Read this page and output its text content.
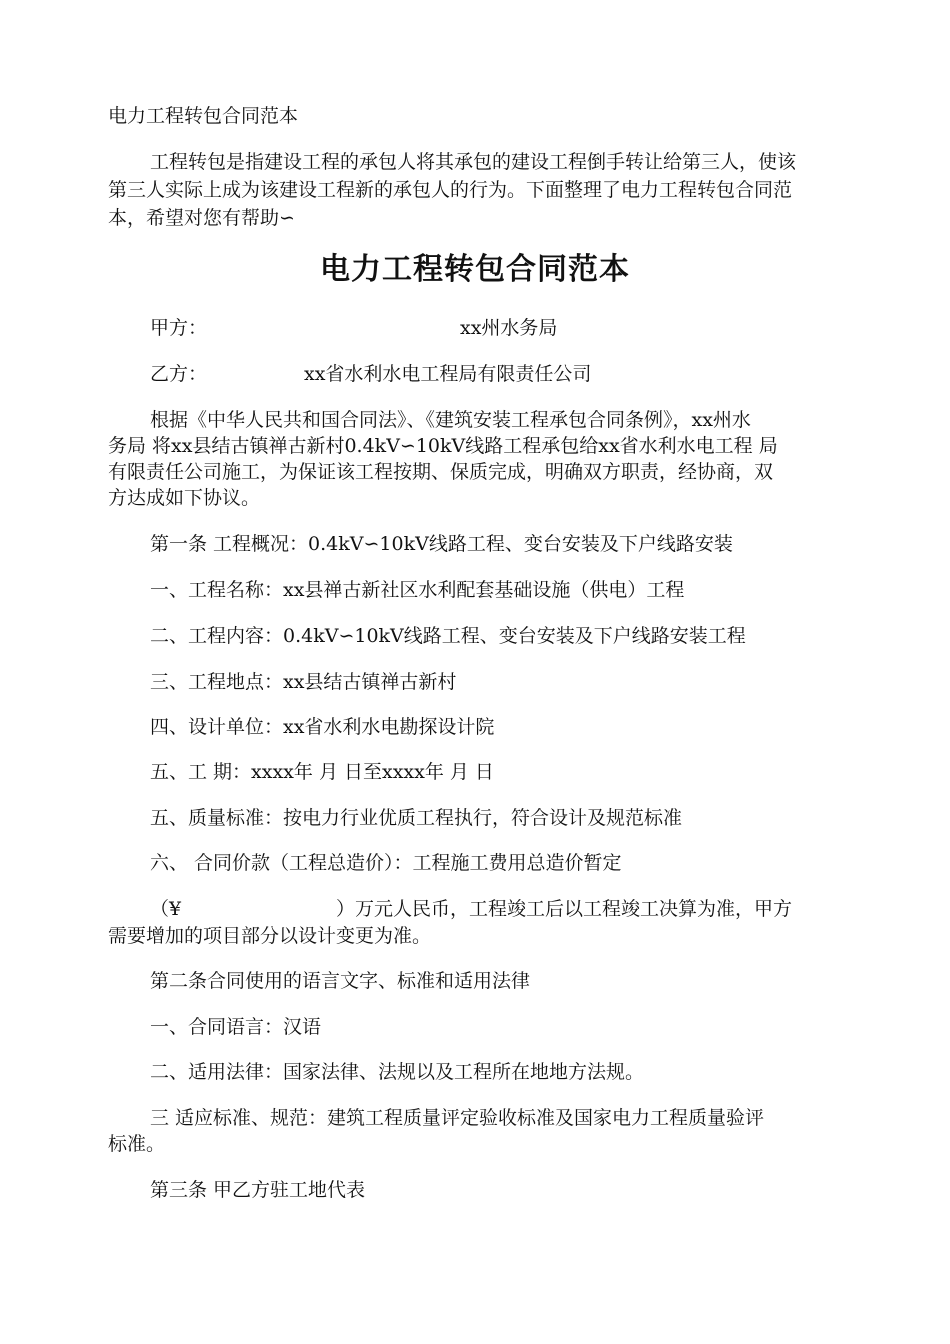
电力工程转包合同范本
工程转包是指建设工程的承包人将其承包的建设工程倒手转让给第三人，使该
第三人实际上成为该建设工程新的承包人的行为。下面整理了电力工程转包合同范
本，希望对您有帮助∽
电力工程转包合同范本
甲方：	xx州水务局
乙方：	xx省水利水电工程局有限责任公司
根据《中华人民共和国合同法》、《建筑安装工程承包合同条例》，xx州水
务局 将xx县结古镇禅古新村0.4kV∽10kV线路工程承包给xx省水利水电工程 局
有限责任公司施工，为保证该工程按期、保质完成，明确双方职责，经协商，双
方达成如下协议。
第一条 工程概况：0.4kV∽10kV线路工程、变台安装及下户线路安装
一、工程名称：xx县禅古新社区水利配套基础设施（供电）工程
二、工程内容：0.4kV∽10kV线路工程、变台安装及下户线路安装工程
三、工程地点：xx县结古镇禅古新村
四、设计单位：xx省水利水电勘探设计院
五、工 期：xxxx年 月 日至xxxx年 月 日
五、质量标准：按电力行业优质工程执行，符合设计及规范标准
六、 合同价款（工程总造价）：工程施工费用总造价暂定
（¥	）万元人民币，工程竣工后以工程竣工决算为准，甲方
需要增加的项目部分以设计变更为准。
第二条合同使用的语言文字、标准和适用法律
一、合同语言：汉语
二、适用法律：国家法律、法规以及工程所在地地方法规。
三 适应标准、规范：建筑工程质量评定验收标准及国家电力工程质量验评
标准。
第三条 甲乙方驻工地代表
